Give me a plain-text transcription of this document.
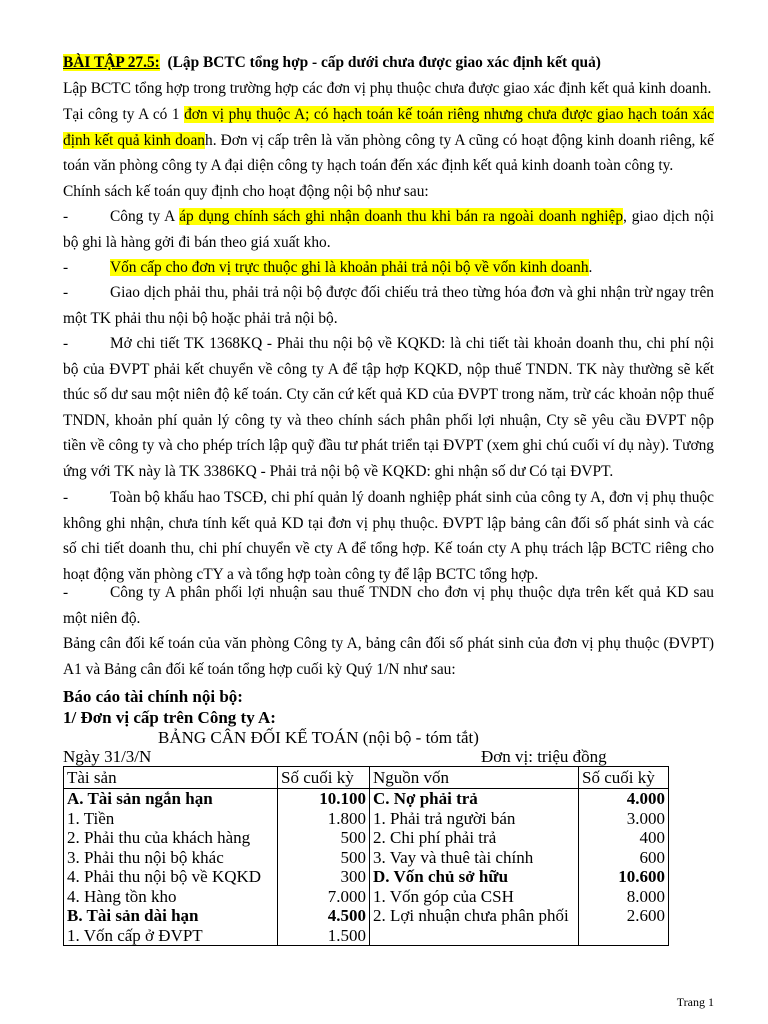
BÀI TẬP 27.5: (Lập BCTC tổng hợp - cấp dưới chưa được giao xác định kết quả)
Lập BCTC tổng hợp trong trường hợp các đơn vị phụ thuộc chưa được giao xác định kết quả kinh doanh.
Tại công ty A có 1 đơn vị phụ thuộc A; có hạch toán kế toán riêng nhưng chưa được giao hạch toán xác định kết quả kinh doanh. Đơn vị cấp trên là văn phòng công ty A cũng có hoạt động kinh doanh riêng, kế toán văn phòng công ty A đại diện công ty hạch toán đến xác định kết quả kinh doanh toàn công ty.
Chính sách kế toán quy định cho hoạt động nội bộ như sau:
-	Công ty A áp dụng chính sách ghi nhận doanh thu khi bán ra ngoài doanh nghiệp, giao dịch nội bộ ghi là hàng gởi đi bán theo giá xuất kho.
-	Vốn cấp cho đơn vị trực thuộc ghi là khoản phải trả nội bộ về vốn kinh doanh.
-	Giao dịch phải thu, phải trả nội bộ được đối chiếu trả theo từng hóa đơn và ghi nhận trừ ngay trên một TK phải thu nội bộ hoặc phải trả nội bộ.
-	Mở chi tiết TK 1368KQ - Phải thu nội bộ về KQKD: là chi tiết tài khoản doanh thu, chi phí nội bộ của ĐVPT phải kết chuyển về công ty A để tập hợp KQKD, nộp thuế TNDN. TK này thường sẽ kết thúc số dư sau một niên độ kế toán. Cty căn cứ kết quả KD của ĐVPT trong năm, trừ các khoản nộp thuế TNDN, khoản phí quản lý công ty và theo chính sách phân phối lợi nhuận, Cty sẽ yêu cầu ĐVPT nộp tiền về công ty và cho phép trích lập quỹ đầu tư phát triển tại ĐVPT (xem ghi chú cuối ví dụ này). Tương ứng với TK này là TK 3386KQ - Phải trả nội bộ về KQKD: ghi nhận số dư Có tại ĐVPT.
-	Toàn bộ khấu hao TSCĐ, chi phí quản lý doanh nghiệp phát sinh của công ty A, đơn vị phụ thuộc không ghi nhận, chưa tính kết quả KD tại đơn vị phụ thuộc. ĐVPT lập bảng cân đối số phát sinh và các số chi tiết doanh thu, chi phí chuyển về cty A để tổng hợp. Kế toán cty A phụ trách lập BCTC riêng cho hoạt động văn phòng cTY a và tổng hợp toàn công ty để lập BCTC tổng hợp.
-	Công ty A phân phối lợi nhuận sau thuế TNDN cho đơn vị phụ thuộc dựa trên kết quả KD sau một niên độ.
Bảng cân đối kế toán của văn phòng Công ty A, bảng cân đối số phát sinh của đơn vị phụ thuộc (ĐVPT) A1 và Bảng cân đối kế toán tổng hợp cuối kỳ Quý 1/N như sau:
Báo cáo tài chính nội bộ:
1/ Đơn vị cấp trên Công ty A:
BẢNG CÂN ĐỐI KẾ TOÁN (nội bộ - tóm tắt)
Ngày 31/3/N	Đơn vị: triệu đồng
Tài sản	Số cuối kỳ	Nguồn vốn	Số cuối kỳ
A. Tài sản ngắn hạn	10.100	C. Nợ phải trả	4.000
1. Tiền	1.800	1. Phải trả người bán	3.000
2. Phải thu của khách hàng	500	2. Chi phí phải trả	400
3. Phải thu nội bộ khác	500	3. Vay và thuê tài chính	600
4. Phải thu nội bộ về KQKD	300	D. Vốn chủ sở hữu	10.600
4. Hàng tồn kho	7.000	1. Vốn góp của CSH	8.000
B. Tài sản dài hạn	4.500	2. Lợi nhuận chưa phân phối	2.600
1. Vốn cấp ở ĐVPT	1.500		
Trang 1
